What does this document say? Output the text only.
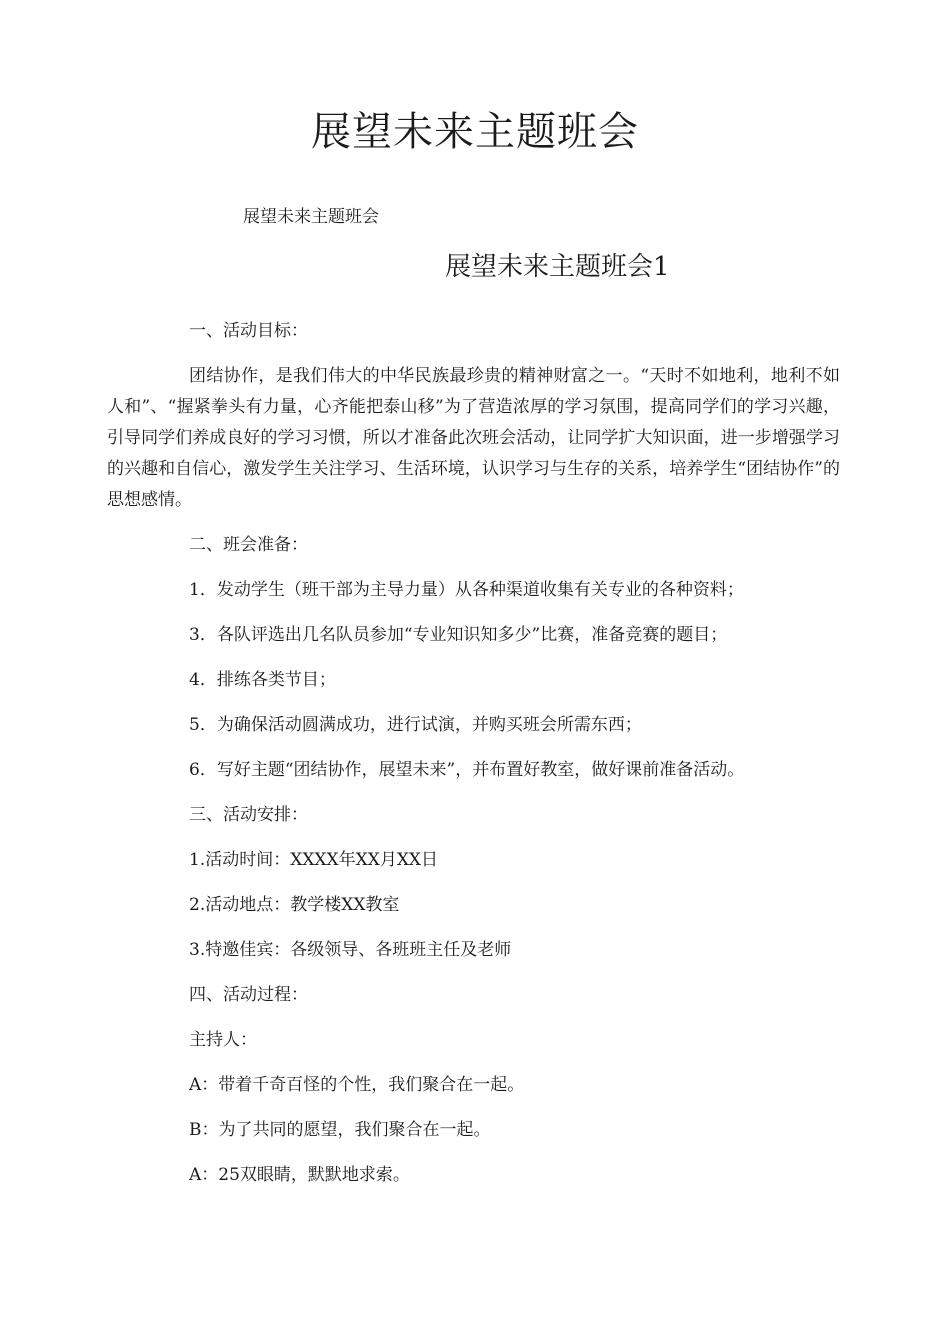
展望未来主题班会

展望未来主题班会

展望未来主题班会1

一、活动目标：

团结协作，是我们伟大的中华民族最珍贵的精神财富之一。“天时不如地利，地利不如人和”、“握紧拳头有力量，心齐能把泰山移”为了营造浓厚的学习氛围，提高同学们的学习兴趣，引导同学们养成良好的学习习惯，所以才准备此次班会活动，让同学扩大知识面，进一步增强学习的兴趣和自信心，激发学生关注学习、生活环境，认识学习与生存的关系，培养学生“团结协作”的思想感情。

二、班会准备：

1．发动学生（班干部为主导力量）从各种渠道收集有关专业的各种资料；

3．各队评选出几名队员参加“专业知识知多少”比赛，准备竞赛的题目；

4．排练各类节目；

5．为确保活动圆满成功，进行试演，并购买班会所需东西；

6．写好主题“团结协作，展望未来”，并布置好教室，做好课前准备活动。

三、活动安排：

1.活动时间：XXXX年XX月XX日

2.活动地点：教学楼XX教室

3.特邀佳宾：各级领导、各班班主任及老师

四、活动过程：

主持人：

A：带着千奇百怪的个性，我们聚合在一起。

B：为了共同的愿望，我们聚合在一起。

A：25双眼睛，默默地求索。
